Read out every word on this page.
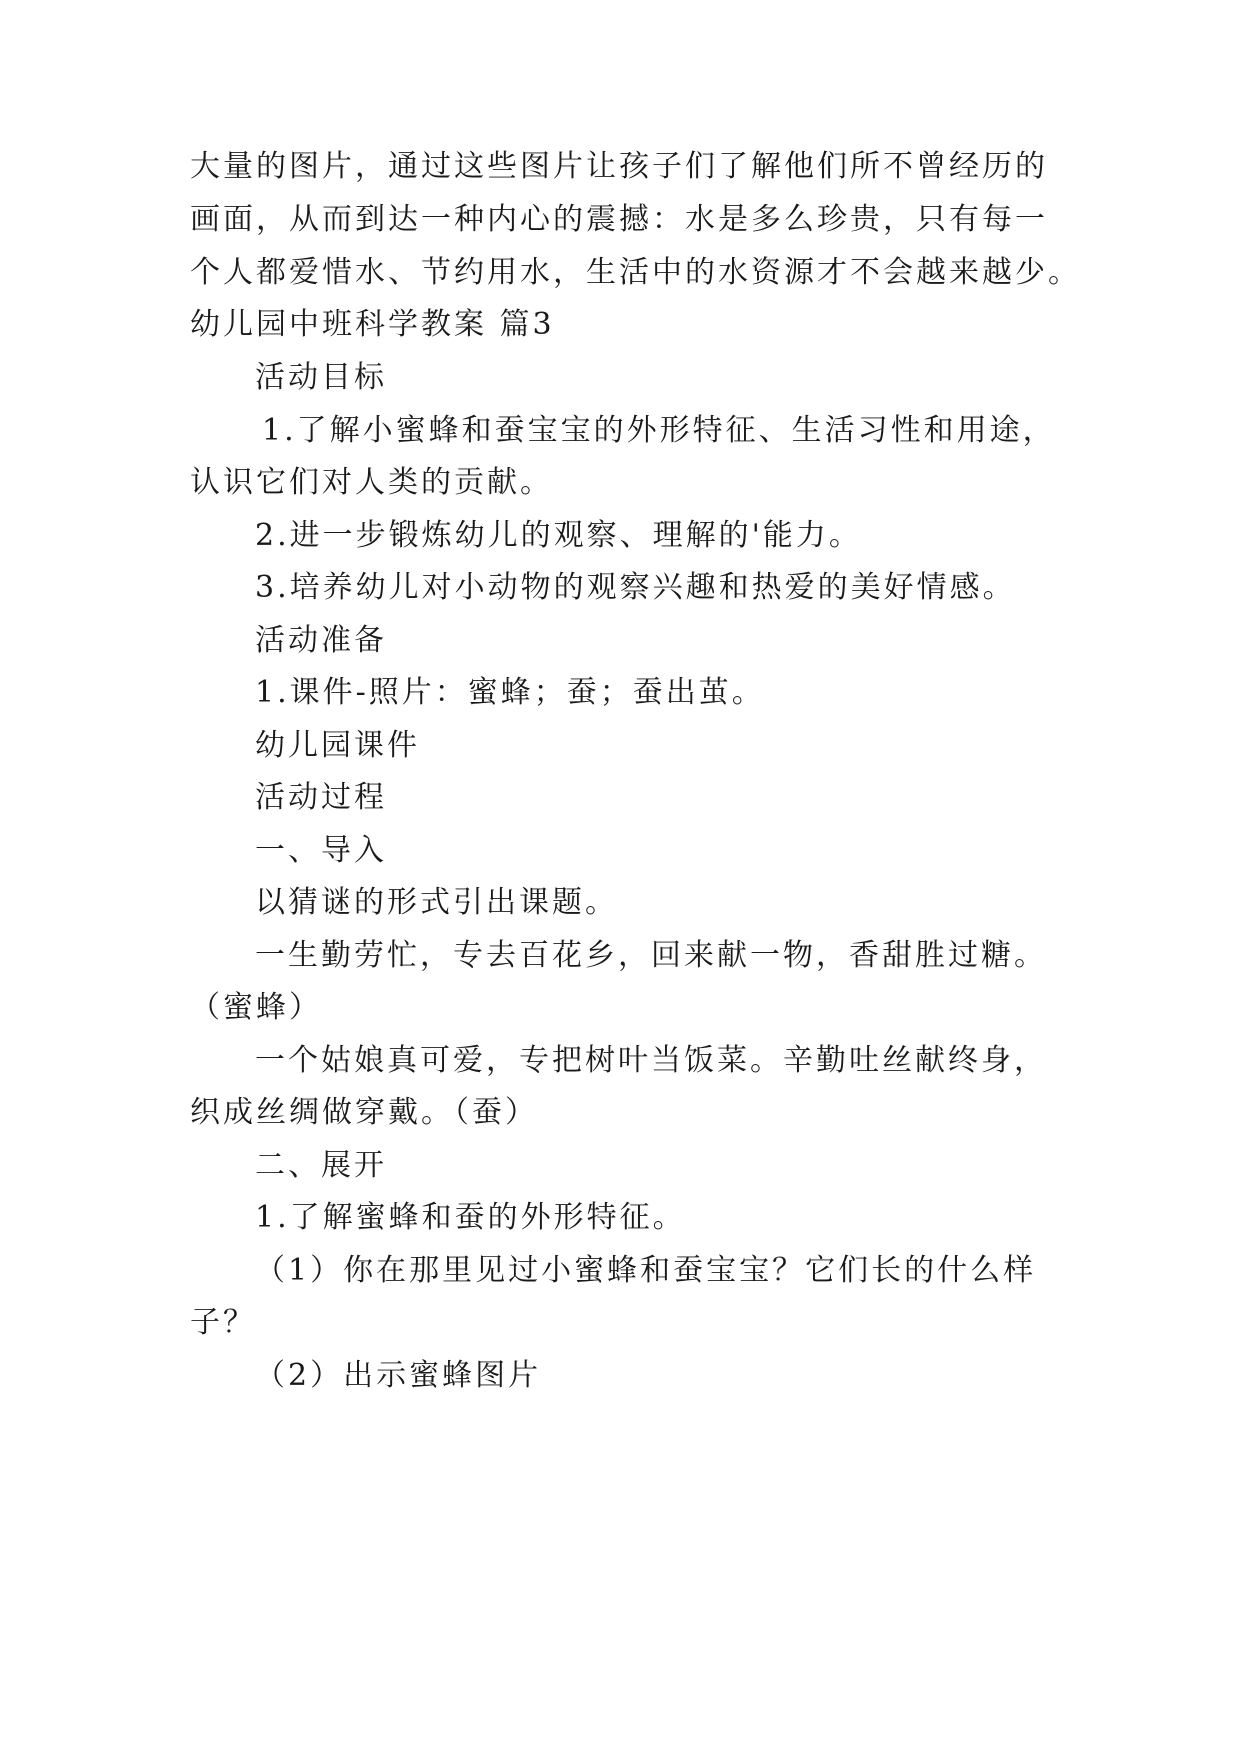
大量的图片，通过这些图片让孩子们了解他们所不曾经历的
画面，从而到达一种内心的震撼：水是多么珍贵，只有每一
个人都爱惜水、节约用水，生活中的水资源才不会越来越少。
幼儿园中班科学教案 篇3
活动目标
1.了解小蜜蜂和蚕宝宝的外形特征、生活习性和用途，
认识它们对人类的贡献。
2.进一步锻炼幼儿的观察、理解的'能力。
3.培养幼儿对小动物的观察兴趣和热爱的美好情感。
活动准备
1.课件-照片：蜜蜂；蚕；蚕出茧。
幼儿园课件
活动过程
一、导入
以猜谜的形式引出课题。
一生勤劳忙，专去百花乡，回来献一物，香甜胜过糖。
（蜜蜂）
一个姑娘真可爱，专把树叶当饭菜。辛勤吐丝献终身，
织成丝绸做穿戴。（蚕）
二、展开
1.了解蜜蜂和蚕的外形特征。
（1）你在那里见过小蜜蜂和蚕宝宝？它们长的什么样
子？
（2）出示蜜蜂图片
